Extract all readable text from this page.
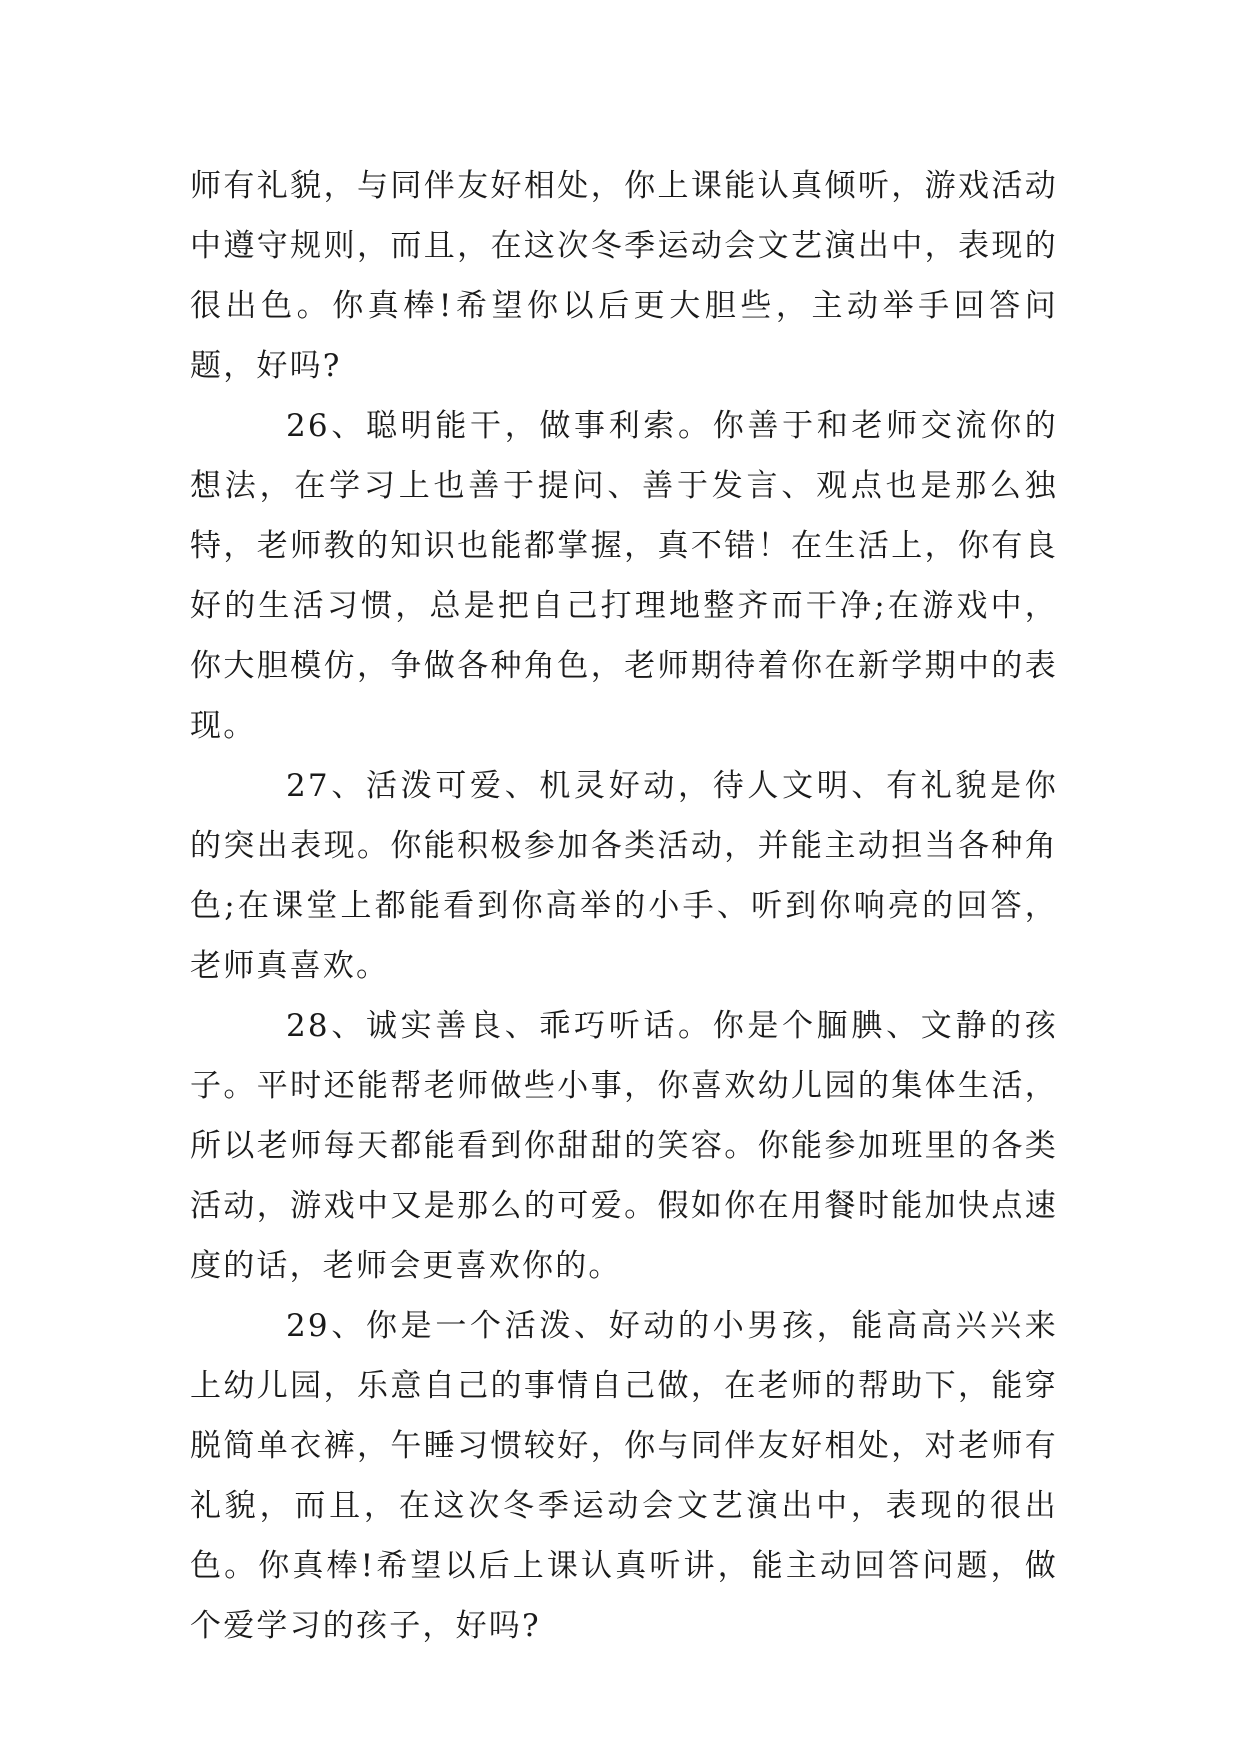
师有礼貌，与同伴友好相处，你上课能认真倾听，游戏活动中遵守规则，而且，在这次冬季运动会文艺演出中，表现的很出色。你真棒!希望你以后更大胆些，主动举手回答问题，好吗?

26、聪明能干，做事利索。你善于和老师交流你的想法，在学习上也善于提问、善于发言、观点也是那么独特，老师教的知识也能都掌握，真不错！在生活上，你有良好的生活习惯，总是把自己打理地整齐而干净;在游戏中，你大胆模仿，争做各种角色，老师期待着你在新学期中的表现。

27、活泼可爱、机灵好动，待人文明、有礼貌是你的突出表现。你能积极参加各类活动，并能主动担当各种角色;在课堂上都能看到你高举的小手、听到你响亮的回答，老师真喜欢。

28、诚实善良、乖巧听话。你是个腼腆、文静的孩子。平时还能帮老师做些小事，你喜欢幼儿园的集体生活，所以老师每天都能看到你甜甜的笑容。你能参加班里的各类活动，游戏中又是那么的可爱。假如你在用餐时能加快点速度的话，老师会更喜欢你的。

29、你是一个活泼、好动的小男孩，能高高兴兴来上幼儿园，乐意自己的事情自己做，在老师的帮助下，能穿脱简单衣裤，午睡习惯较好，你与同伴友好相处，对老师有礼貌，而且，在这次冬季运动会文艺演出中，表现的很出色。你真棒!希望以后上课认真听讲，能主动回答问题，做个爱学习的孩子，好吗?
